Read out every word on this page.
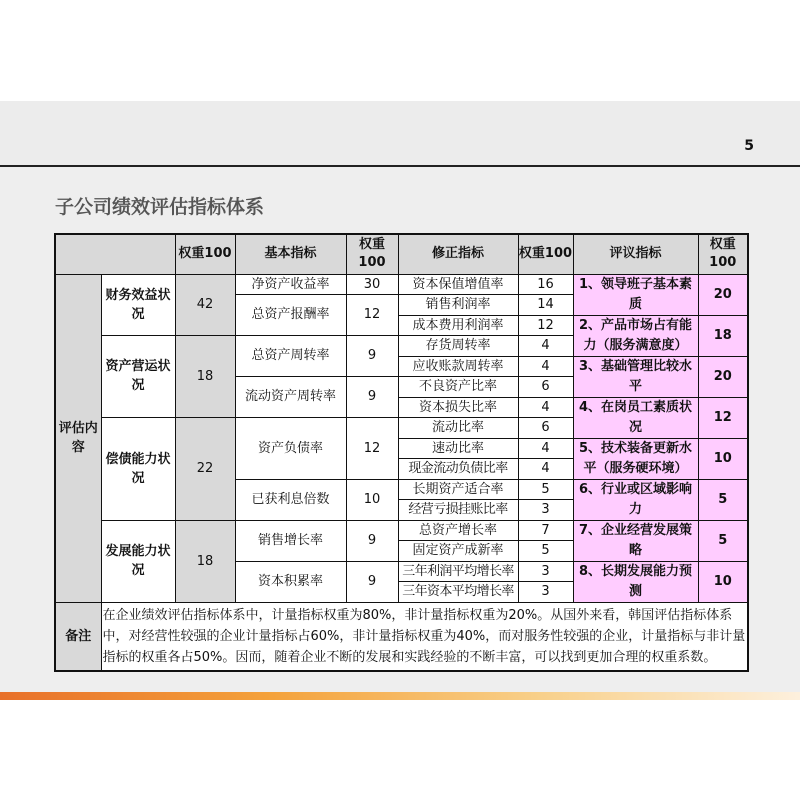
5
子公司绩效评估指标体系
		权重100	基本指标	权重100	修正指标	权重100	评议指标	权重100
评估内容	财务效益状况	42	净资产收益率	30	资本保值增值率	16	1、领导班子基本素质	20
			总资产报酬率	12	销售利润率	14		
					成本费用利润率	12	2、产品市场占有能力（服务满意度）	18
	资产营运状况	18	总资产周转率	9	存货周转率	4		
					应收账款周转率	4	3、基础管理比较水平	20
			流动资产周转率	9	不良资产比率	6		
					资本损失比率	4	4、在岗员工素质状况	12
	偿债能力状况	22	资产负债率	12	流动比率	6		
					速动比率	4	5、技术装备更新水平（服务硬环境）	10
					现金流动负债比率	4		
			已获利息倍数	10	长期资产适合率	5	6、行业或区域影响力	5
					经营亏损挂账比率	3		
	发展能力状况	18	销售增长率	9	总资产增长率	7	7、企业经营发展策略	5
					固定资产成新率	5		
			资本积累率	9	三年利润平均增长率	3	8、长期发展能力预测	10
					三年资本平均增长率	3		
备注	在企业绩效评估指标体系中，计量指标权重为80%，非计量指标权重为20%。从国外来看，韩国评估指标体系中，对经营性较强的企业计量指标占60%，非计量指标权重为40%，而对服务性较强的企业，计量指标与非计量指标的权重各占50%。因而，随着企业不断的发展和实践经验的不断丰富，可以找到更加合理的权重系数。							
